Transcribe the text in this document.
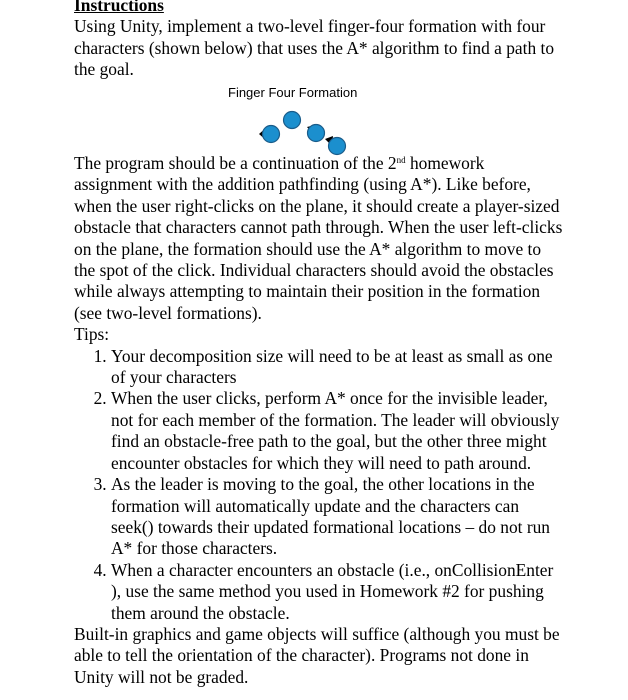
Instructions

Using Unity, implement a two-level finger-four formation with four characters (shown below) that uses the A* algorithm to find a path to the goal.

Finger Four Formation

The program should be a continuation of the 2nd homework assignment with the addition pathfinding (using A*). Like before, when the user right-clicks on the plane, it should create a player-sized obstacle that characters cannot path through. When the user left-clicks on the plane, the formation should use the A* algorithm to move to the spot of the click. Individual characters should avoid the obstacles while always attempting to maintain their position in the formation (see two-level formations).

Tips:
1. Your decomposition size will need to be at least as small as one of your characters
2. When the user clicks, perform A* once for the invisible leader, not for each member of the formation. The leader will obviously find an obstacle-free path to the goal, but the other three might encounter obstacles for which they will need to path around.
3. As the leader is moving to the goal, the other locations in the formation will automatically update and the characters can seek() towards their updated formational locations – do not run A* for those characters.
4. When a character encounters an obstacle (i.e., onCollisionEnter ), use the same method you used in Homework #2 for pushing them around the obstacle.

Built-in graphics and game objects will suffice (although you must be able to tell the orientation of the character). Programs not done in Unity will not be graded.
